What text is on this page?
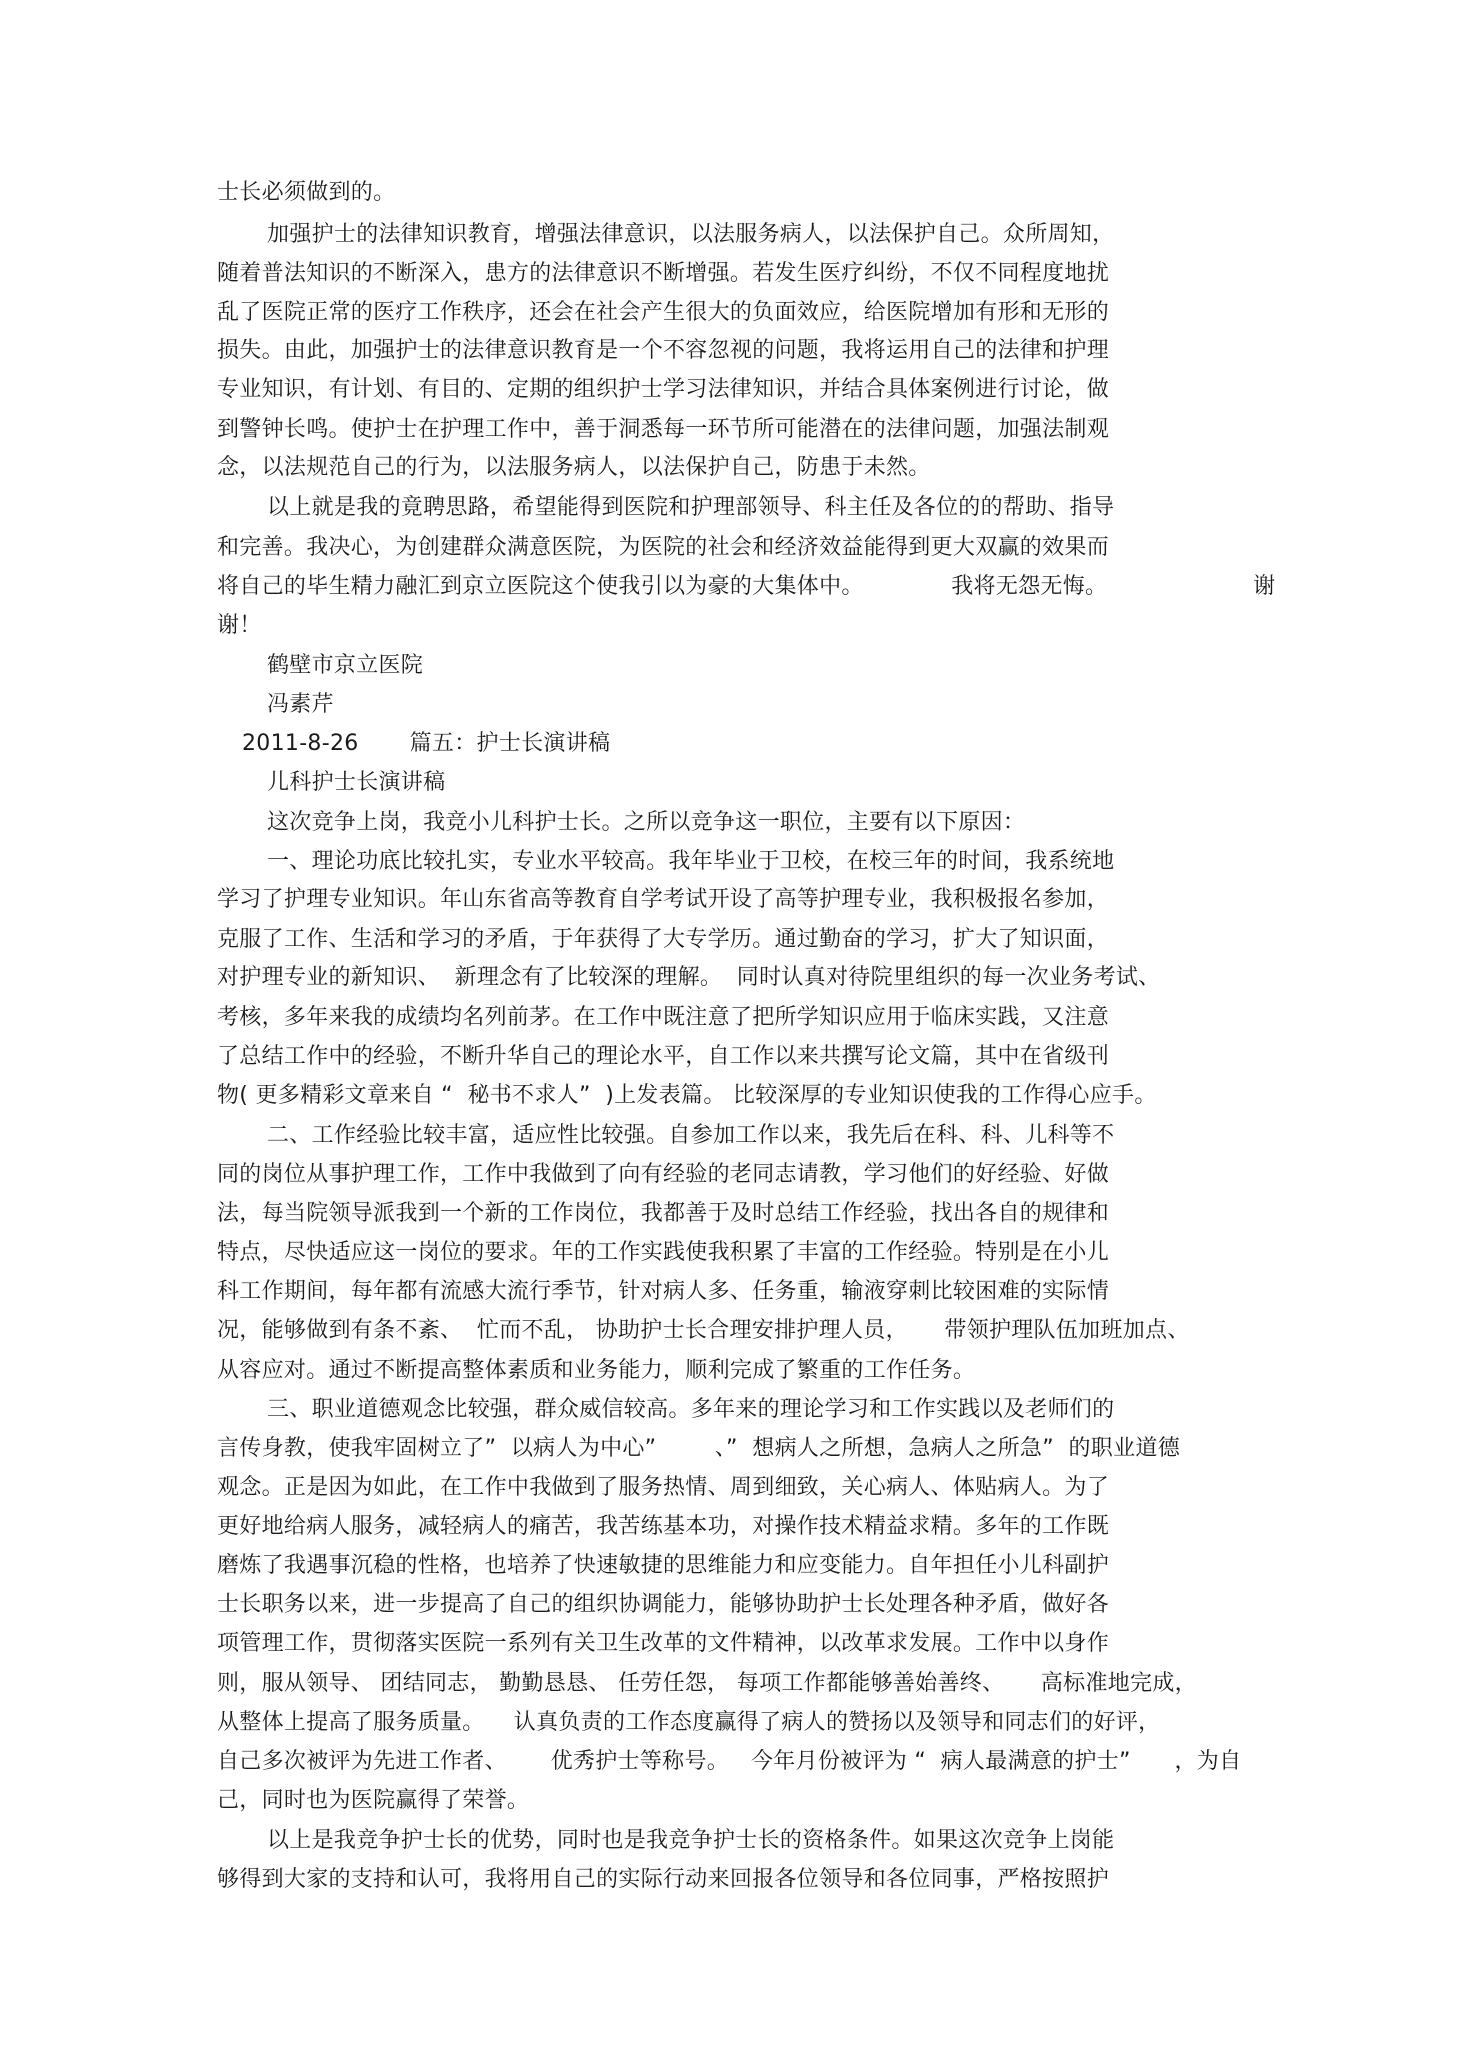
士长必须做到的。
加强护士的法律知识教育，增强法律意识，以法服务病人，以法保护自己。众所周知，
随着普法知识的不断深入，患方的法律意识不断增强。若发生医疗纠纷，不仅不同程度地扰
乱了医院正常的医疗工作秩序，还会在社会产生很大的负面效应，给医院增加有形和无形的
损失。由此，加强护士的法律意识教育是一个不容忽视的问题，我将运用自己的法律和护理
专业知识，有计划、有目的、定期的组织护士学习法律知识，并结合具体案例进行讨论，做
到警钟长鸣。使护士在护理工作中，善于洞悉每一环节所可能潜在的法律问题，加强法制观
念，以法规范自己的行为，以法服务病人，以法保护自己，防患于未然。
以上就是我的竟聘思路，希望能得到医院和护理部领导、科主任及各位的的帮助、指导
和完善。我决心，为创建群众满意医院，为医院的社会和经济效益能得到更大双赢的效果而
将自己的毕生精力融汇到京立医院这个使我引以为豪的大集体中。            我将无怨无悔。                    谢
谢！
鹤壁市京立医院
冯素芹
2011-8-26       篇五：护士长演讲稿
儿科护士长演讲稿
这次竞争上岗，我竞小儿科护士长。之所以竞争这一职位，主要有以下原因：
一、理论功底比较扎实，专业水平较高。我年毕业于卫校，在校三年的时间，我系统地
学习了护理专业知识。年山东省高等教育自学考试开设了高等护理专业，我积极报名参加，
克服了工作、生活和学习的矛盾，于年获得了大专学历。通过勤奋的学习，扩大了知识面，
对护理专业的新知识、  新理念有了比较深的理解。  同时认真对待院里组织的每一次业务考试、
考核，多年来我的成绩均名列前茅。在工作中既注意了把所学知识应用于临床实践，又注意
了总结工作中的经验，不断升华自己的理论水平，自工作以来共撰写论文篇，其中在省级刊
物( 更多精彩文章来自 “  秘书不求人”  )上发表篇。 比较深厚的专业知识使我的工作得心应手。
二、工作经验比较丰富，适应性比较强。自参加工作以来，我先后在科、科、儿科等不
同的岗位从事护理工作，工作中我做到了向有经验的老同志请教，学习他们的好经验、好做
法，每当院领导派我到一个新的工作岗位，我都善于及时总结工作经验，找出各自的规律和
特点，尽快适应这一岗位的要求。年的工作实践使我积累了丰富的工作经验。特别是在小儿
科工作期间，每年都有流感大流行季节，针对病人多、任务重，输液穿刺比较困难的实际情
况，能够做到有条不紊、  忙而不乱， 协助护士长合理安排护理人员，     带领护理队伍加班加点、
从容应对。通过不断提高整体素质和业务能力，顺利完成了繁重的工作任务。
三、职业道德观念比较强，群众威信较高。多年来的理论学习和工作实践以及老师们的
言传身教，使我牢固树立了”  以病人为中心”        、”  想病人之所想，急病人之所急”  的职业道德
观念。正是因为如此，在工作中我做到了服务热情、周到细致，关心病人、体贴病人。为了
更好地给病人服务，减轻病人的痛苦，我苦练基本功，对操作技术精益求精。多年的工作既
磨炼了我遇事沉稳的性格，也培养了快速敏捷的思维能力和应变能力。自年担任小儿科副护
士长职务以来，进一步提高了自己的组织协调能力，能够协助护士长处理各种矛盾，做好各
项管理工作，贯彻落实医院一系列有关卫生改革的文件精神，以改革求发展。工作中以身作
则，服从领导、 团结同志， 勤勤恳恳、 任劳任怨， 每项工作都能够善始善终、     高标准地完成，
从整体上提高了服务质量。    认真负责的工作态度赢得了病人的赞扬以及领导和同志们的好评，
自己多次被评为先进工作者、      优秀护士等称号。   今年月份被评为 “  病人最满意的护士”      ，为自
己，同时也为医院赢得了荣誉。
以上是我竞争护士长的优势，同时也是我竞争护士长的资格条件。如果这次竞争上岗能
够得到大家的支持和认可，我将用自己的实际行动来回报各位领导和各位同事，严格按照护
